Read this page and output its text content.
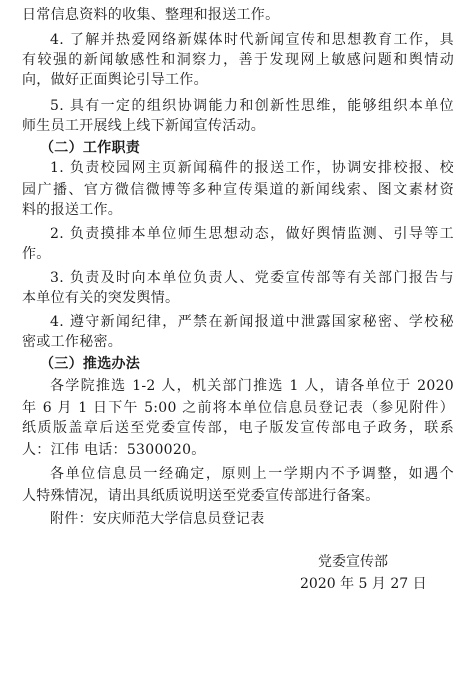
日常信息资料的收集、整理和报送工作。
4. 了解并热爱网络新媒体时代新闻宣传和思想教育工作，具
有较强的新闻敏感性和洞察力，善于发现网上敏感问题和舆情动
向，做好正面舆论引导工作。
5. 具有一定的组织协调能力和创新性思维，能够组织本单位
师生员工开展线上线下新闻宣传活动。
（二）工作职责
1. 负责校园网主页新闻稿件的报送工作，协调安排校报、校
园广播、官方微信微博等多种宣传渠道的新闻线索、图文素材资
料的报送工作。
2. 负责摸排本单位师生思想动态，做好舆情监测、引导等工
作。
3. 负责及时向本单位负责人、党委宣传部等有关部门报告与
本单位有关的突发舆情。
4. 遵守新闻纪律，严禁在新闻报道中泄露国家秘密、学校秘
密或工作秘密。
（三）推选办法
各学院推选 1-2 人，机关部门推选 1 人，请各单位于 2020
年 6 月 1 日下午 5:00 之前将本单位信息员登记表（参见附件）
纸质版盖章后送至党委宣传部，电子版发宣传部电子政务，联系
人：江伟 电话：5300020。
各单位信息员一经确定，原则上一学期内不予调整，如遇个
人特殊情况，请出具纸质说明送至党委宣传部进行备案。
附件：安庆师范大学信息员登记表
党委宣传部
2020 年 5 月 27 日
